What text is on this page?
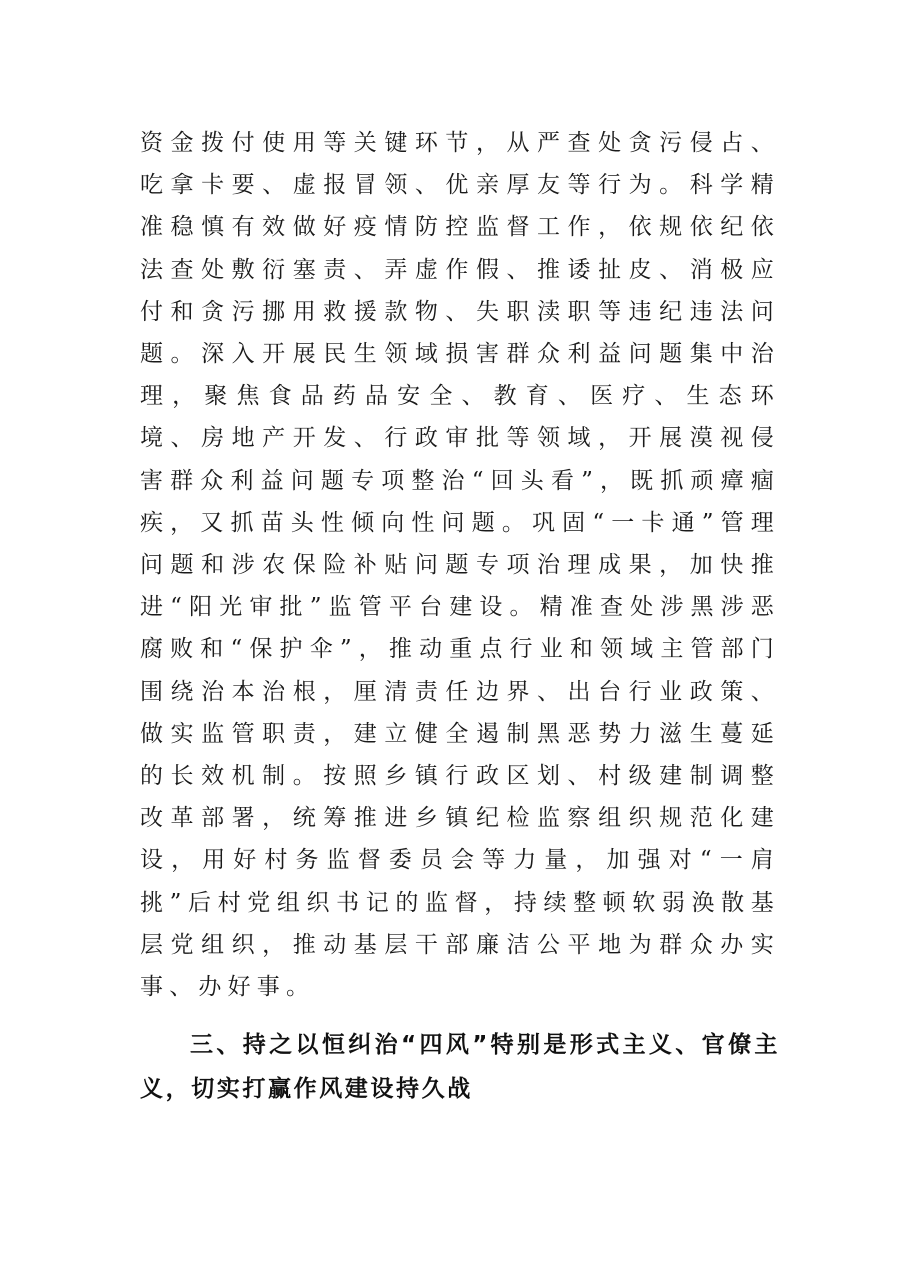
资金拨付使用等关键环节，从严查处贪污侵占、吃拿卡要、虚报冒领、优亲厚友等行为。科学精准稳慎有效做好疫情防控监督工作，依规依纪依法查处敷衍塞责、弄虚作假、推诿扯皮、消极应付和贪污挪用救援款物、失职渎职等违纪违法问题。深入开展民生领域损害群众利益问题集中治理，聚焦食品药品安全、教育、医疗、生态环境、房地产开发、行政审批等领域，开展漠视侵害群众利益问题专项整治“回头看”，既抓顽瘴痼疾，又抓苗头性倾向性问题。巩固“一卡通”管理问题和涉农保险补贴问题专项治理成果，加快推进“阳光审批”监管平台建设。精准查处涉黑涉恶腐败和“保护伞”，推动重点行业和领域主管部门围绕治本治根，厘清责任边界、出台行业政策、做实监管职责，建立健全遏制黑恶势力滋生蔓延的长效机制。按照乡镇行政区划、村级建制调整改革部署，统筹推进乡镇纪检监察组织规范化建设，用好村务监督委员会等力量，加强对“一肩挑”后村党组织书记的监督，持续整顿软弱涣散基层党组织，推动基层干部廉洁公平地为群众办实事、办好事。

三、持之以恒纠治“四风”特别是形式主义、官僚主义，切实打赢作风建设持久战
